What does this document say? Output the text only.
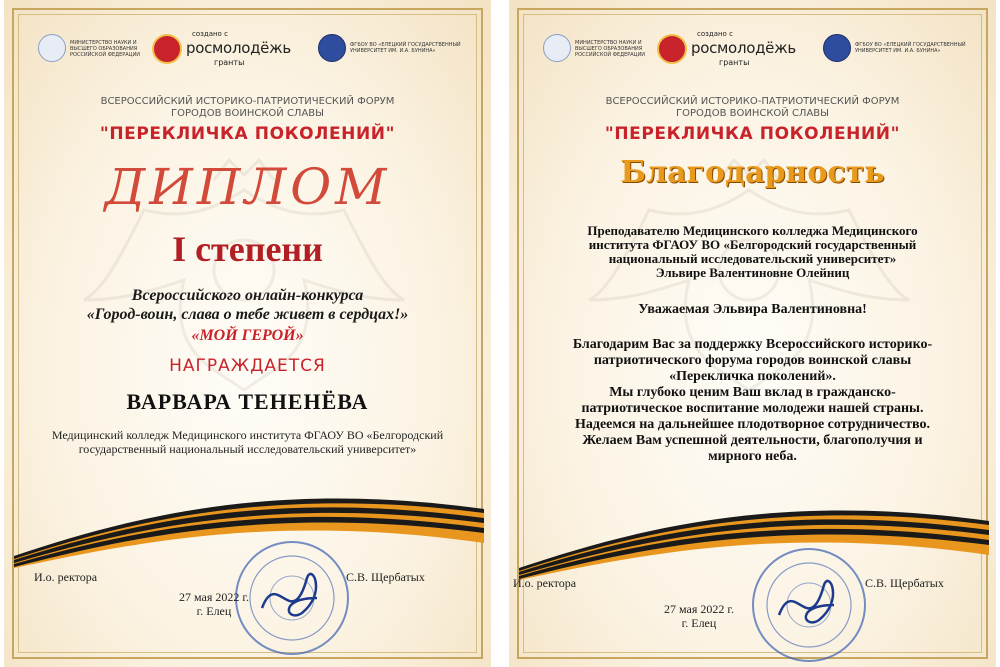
МИНИСТЕРСТВО НАУКИ И ВЫСШЕГО ОБРАЗОВАНИЯ РОССИЙСКОЙ ФЕДЕРАЦИИ
создано с
росмолодёжь
гранты
ФГБОУ ВО «ЕЛЕЦКИЙ ГОСУДАРСТВЕННЫЙ УНИВЕРСИТЕТ ИМ. И.А. БУНИНА»
ВСЕРОССИЙСКИЙ ИСТОРИКО-ПАТРИОТИЧЕСКИЙ ФОРУМ
ГОРОДОВ ВОИНСКОЙ СЛАВЫ
"ПЕРЕКЛИЧКА ПОКОЛЕНИЙ"
ДИПЛОМ
I степени
Всероссийского онлайн-конкурса
«Город-воин, слава о тебе живет в сердцах!»
«МОЙ ГЕРОЙ»
НАГРАЖДАЕТСЯ
ВАРВАРА ТЕНЕНЁВА
Медицинский колледж Медицинского института ФГАОУ ВО «Белгородский
государственный национальный исследовательский университет»
И.о. ректора	С.В. Щербатых
27 мая 2022 г.
г. Елец
МИНИСТЕРСТВО НАУКИ И ВЫСШЕГО ОБРАЗОВАНИЯ РОССИЙСКОЙ ФЕДЕРАЦИИ
создано с
росмолодёжь
гранты
ФГБОУ ВО «ЕЛЕЦКИЙ ГОСУДАРСТВЕННЫЙ УНИВЕРСИТЕТ ИМ. И.А. БУНИНА»
ВСЕРОССИЙСКИЙ ИСТОРИКО-ПАТРИОТИЧЕСКИЙ ФОРУМ
ГОРОДОВ ВОИНСКОЙ СЛАВЫ
"ПЕРЕКЛИЧКА ПОКОЛЕНИЙ"
Благодарность
Преподавателю Медицинского колледжа Медицинского
института ФГАОУ ВО «Белгородский государственный
национальный исследовательский университет»
Эльвире Валентиновне Олейниц
Уважаемая Эльвира Валентиновна!
Благодарим Вас за поддержку Всероссийского историко-
патриотического форума городов воинской славы
«Перекличка поколений».
Мы глубоко ценим Ваш вклад в гражданско-
патриотическое воспитание молодежи нашей страны.
Надеемся на дальнейшее плодотворное сотрудничество.
Желаем Вам успешной деятельности, благополучия и
мирного неба.
И.о. ректора	С.В. Щербатых
27 мая 2022 г.
г. Елец
